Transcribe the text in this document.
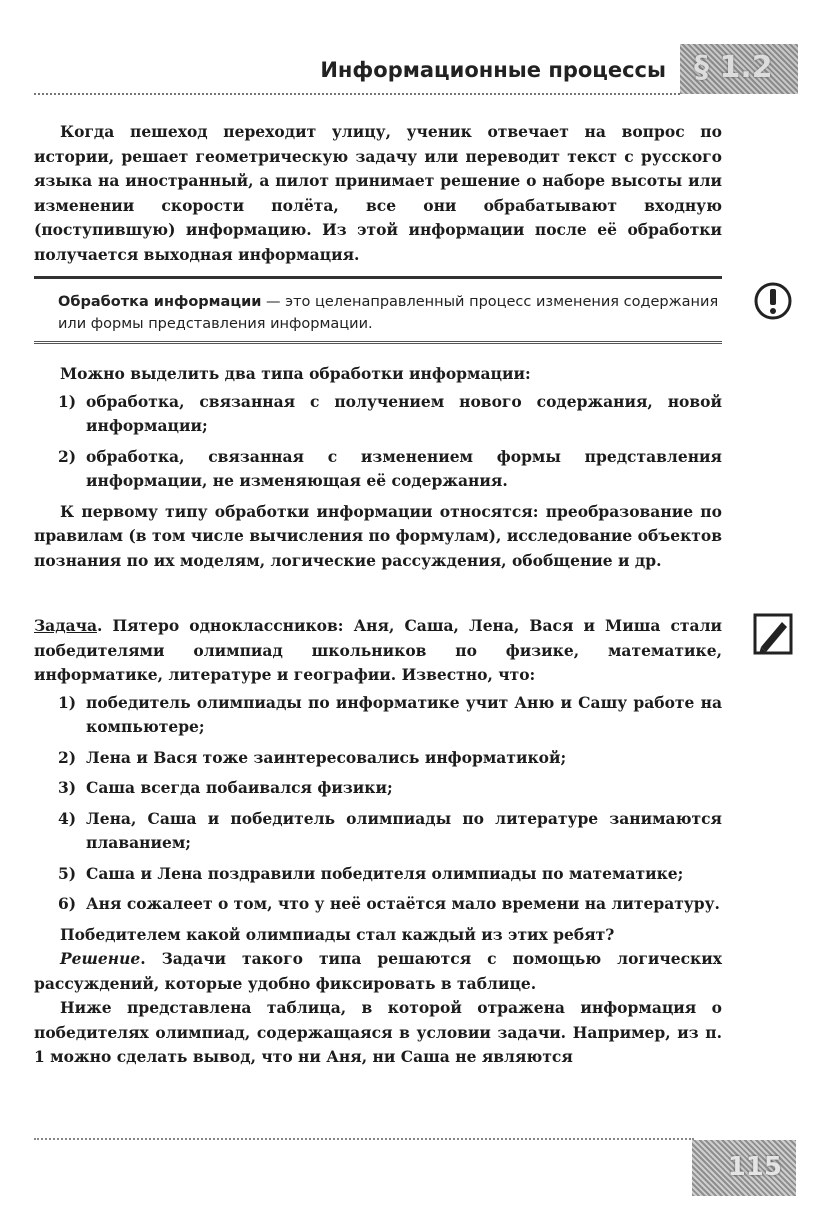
Информационные процессы § 1.2

Когда пешеход переходит улицу, ученик отвечает на вопрос по истории, решает геометрическую задачу или переводит текст с русского языка на иностранный, а пилот принимает решение о наборе высоты или изменении скорости полёта, все они обрабатывают входную (поступившую) информацию. Из этой информации после её обработки получается выходная информация.

Обработка информации — это целенаправленный процесс изменения содержания или формы представления информации.

Можно выделить два типа обработки информации:

1) обработка, связанная с получением нового содержания, новой информации;
2) обработка, связанная с изменением формы представления информации, не изменяющая её содержания.

К первому типу обработки информации относятся: преобразование по правилам (в том числе вычисления по формулам), исследование объектов познания по их моделям, логические рассуждения, обобщение и др.

Задача. Пятеро одноклассников: Аня, Саша, Лена, Вася и Миша стали победителями олимпиад школьников по физике, математике, информатике, литературе и географии. Известно, что:

1) победитель олимпиады по информатике учит Аню и Сашу работе на компьютере;
2) Лена и Вася тоже заинтересовались информатикой;
3) Саша всегда побаивался физики;
4) Лена, Саша и победитель олимпиады по литературе занимаются плаванием;
5) Саша и Лена поздравили победителя олимпиады по математике;
6) Аня сожалеет о том, что у неё остаётся мало времени на литературу.

Победителем какой олимпиады стал каждый из этих ребят?

Решение. Задачи такого типа решаются с помощью логических рассуждений, которые удобно фиксировать в таблице.

Ниже представлена таблица, в которой отражена информация о победителях олимпиад, содержащаяся в условии задачи. Например, из п. 1 можно сделать вывод, что ни Аня, ни Саша не являются

115
